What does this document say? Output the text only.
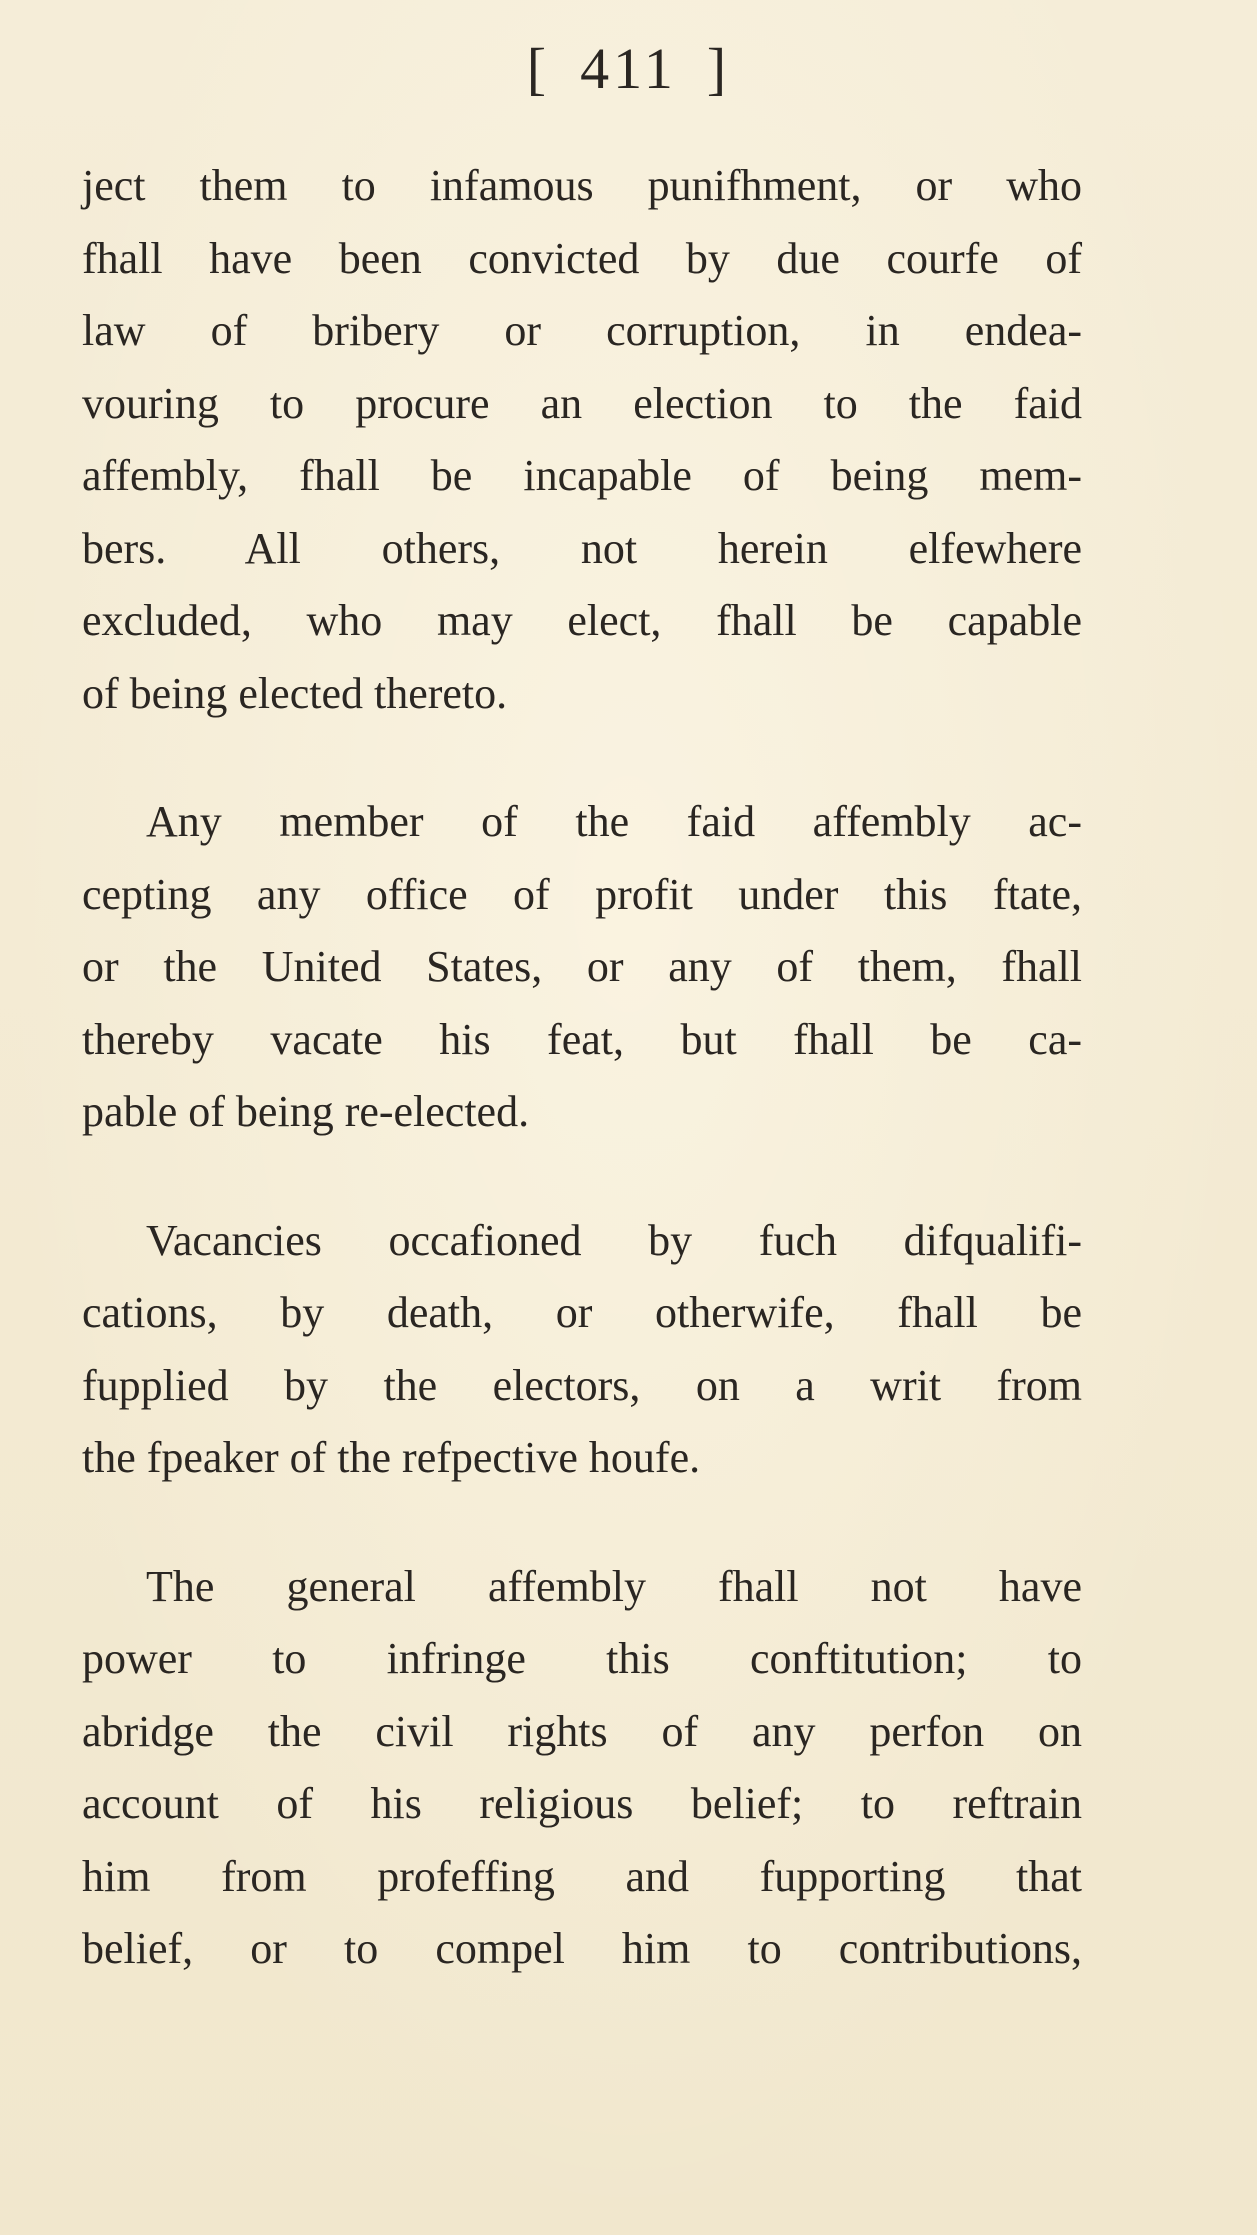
[ 411 ]
ject them to infamous punifhment, or who
fhall have been convicted by due courfe of
law of bribery or corruption, in endea-
vouring to procure an election to the faid
affembly, fhall be incapable of being mem-
bers. All others, not herein elfewhere
excluded, who may elect, fhall be capable
of being elected thereto.
Any member of the faid affembly ac-
cepting any office of profit under this ftate,
or the United States, or any of them, fhall
thereby vacate his feat, but fhall be ca-
pable of being re-elected.
Vacancies occafioned by fuch difqualifi-
cations, by death, or otherwife, fhall be
fupplied by the electors, on a writ from
the fpeaker of the refpective houfe.
The general affembly fhall not have
power to infringe this conftitution; to
abridge the civil rights of any perfon on
account of his religious belief; to reftrain
him from profeffing and fupporting that
belief, or to compel him to contributions,
